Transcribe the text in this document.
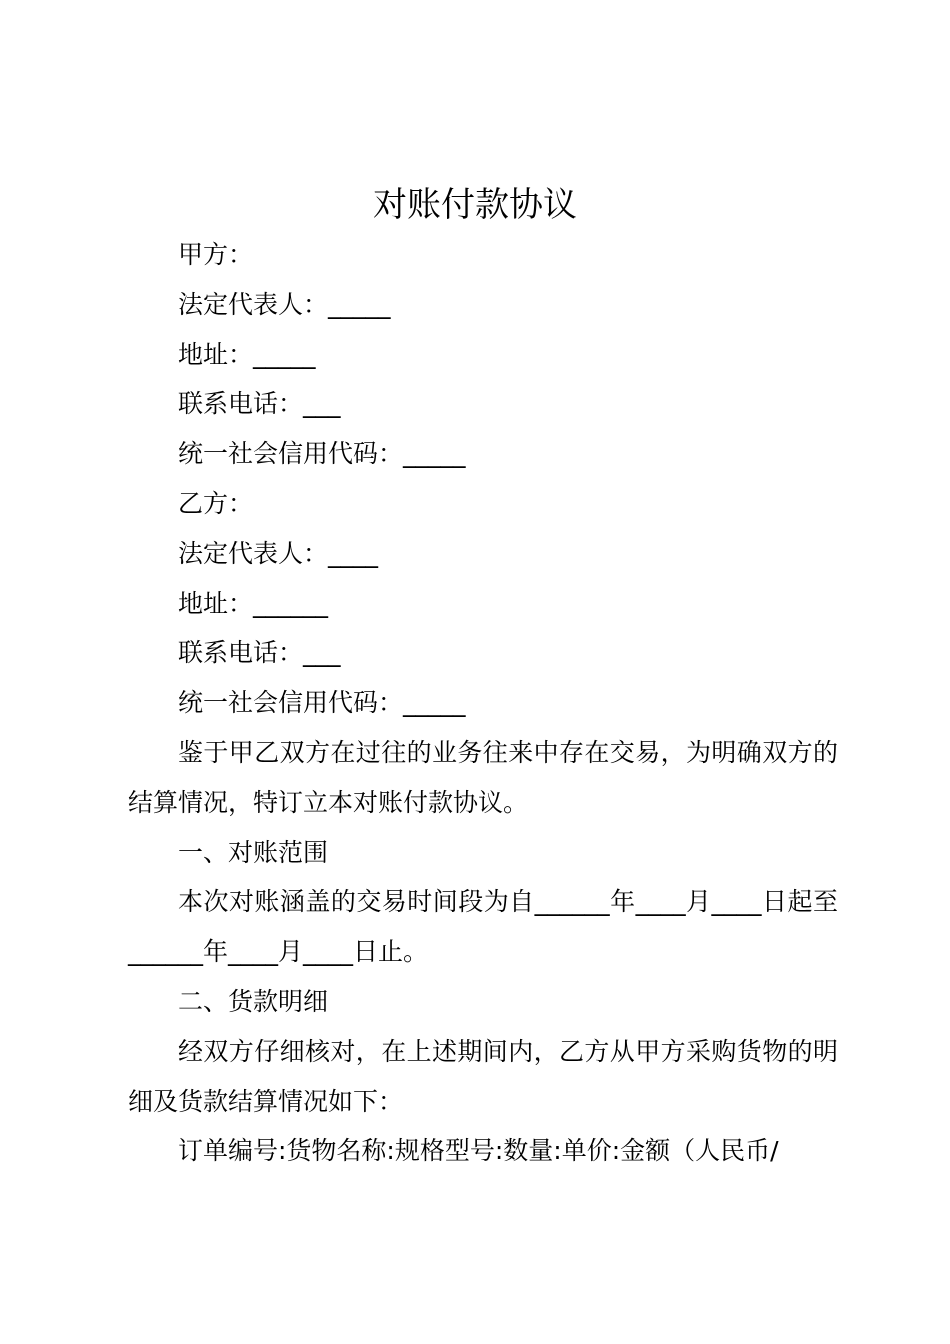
对账付款协议

甲方：

法定代表人：_____

地址：_____

联系电话：___

统一社会信用代码：_____

乙方：

法定代表人：____

地址：______

联系电话：___

统一社会信用代码：_____

鉴于甲乙双方在过往的业务往来中存在交易，为明确双方的结算情况，特订立本对账付款协议。

一、对账范围

本次对账涵盖的交易时间段为自______年____月____日起至______年____月____日止。

二、货款明细

经双方仔细核对，在上述期间内，乙方从甲方采购货物的明细及货款结算情况如下：

订单编号:货物名称:规格型号:数量:单价:金额（人民币/
